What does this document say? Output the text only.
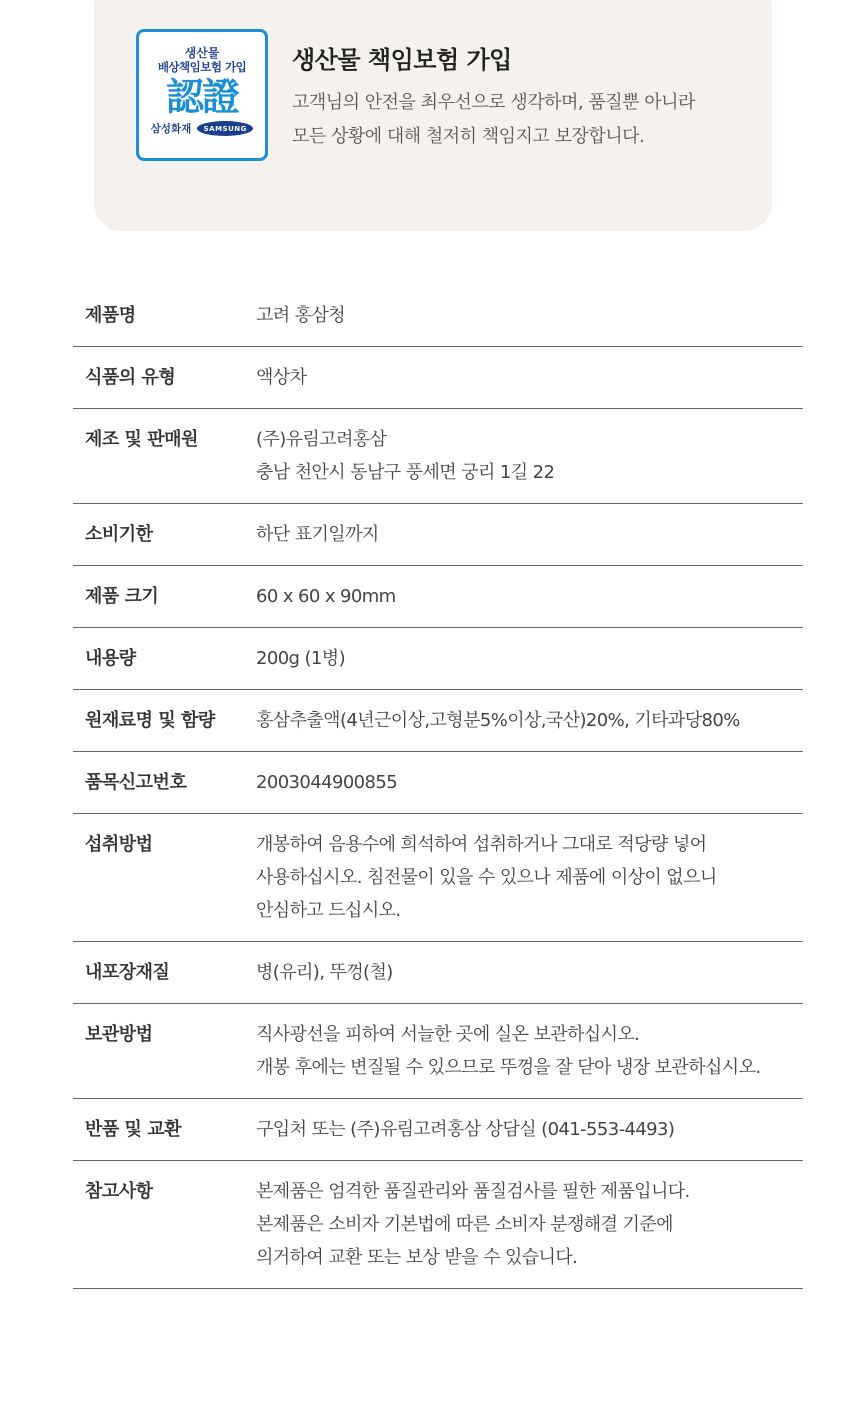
생산물
배상책임보험 가입
認證
삼성화재	SAMSUNG
생산물 책임보험 가입
고객님의 안전을 최우선으로 생각하며, 품질뿐 아니라
모든 상황에 대해 철저히 책임지고 보장합니다.
제품명	고려 홍삼청
식품의 유형	액상차
제조 및 판매원	(주)유림고려홍삼
충남 천안시 동남구 풍세면 궁리 1길 22
소비기한	하단 표기일까지
제품 크기	60 x 60 x 90mm
내용량	200g (1병)
원재료명 및 함량	홍삼추출액(4년근이상,고형분5%이상,국산)20%, 기타과당80%
품목신고번호	2003044900855
섭취방법	개봉하여 음용수에 희석하여 섭취하거나 그대로 적당량 넣어
사용하십시오. 침전물이 있을 수 있으나 제품에 이상이 없으니
안심하고 드십시오.
내포장재질	병(유리), 뚜껑(철)
보관방법	직사광선을 피하여 서늘한 곳에 실온 보관하십시오.
개봉 후에는 변질될 수 있으므로 뚜껑을 잘 닫아 냉장 보관하십시오.
반품 및 교환	구입처 또는 (주)유림고려홍삼 상담실 (041-553-4493)
참고사항	본제품은 엄격한 품질관리와 품질검사를 필한 제품입니다.
본제품은 소비자 기본법에 따른 소비자 분쟁해결 기준에
의거하여 교환 또는 보상 받을 수 있습니다.
